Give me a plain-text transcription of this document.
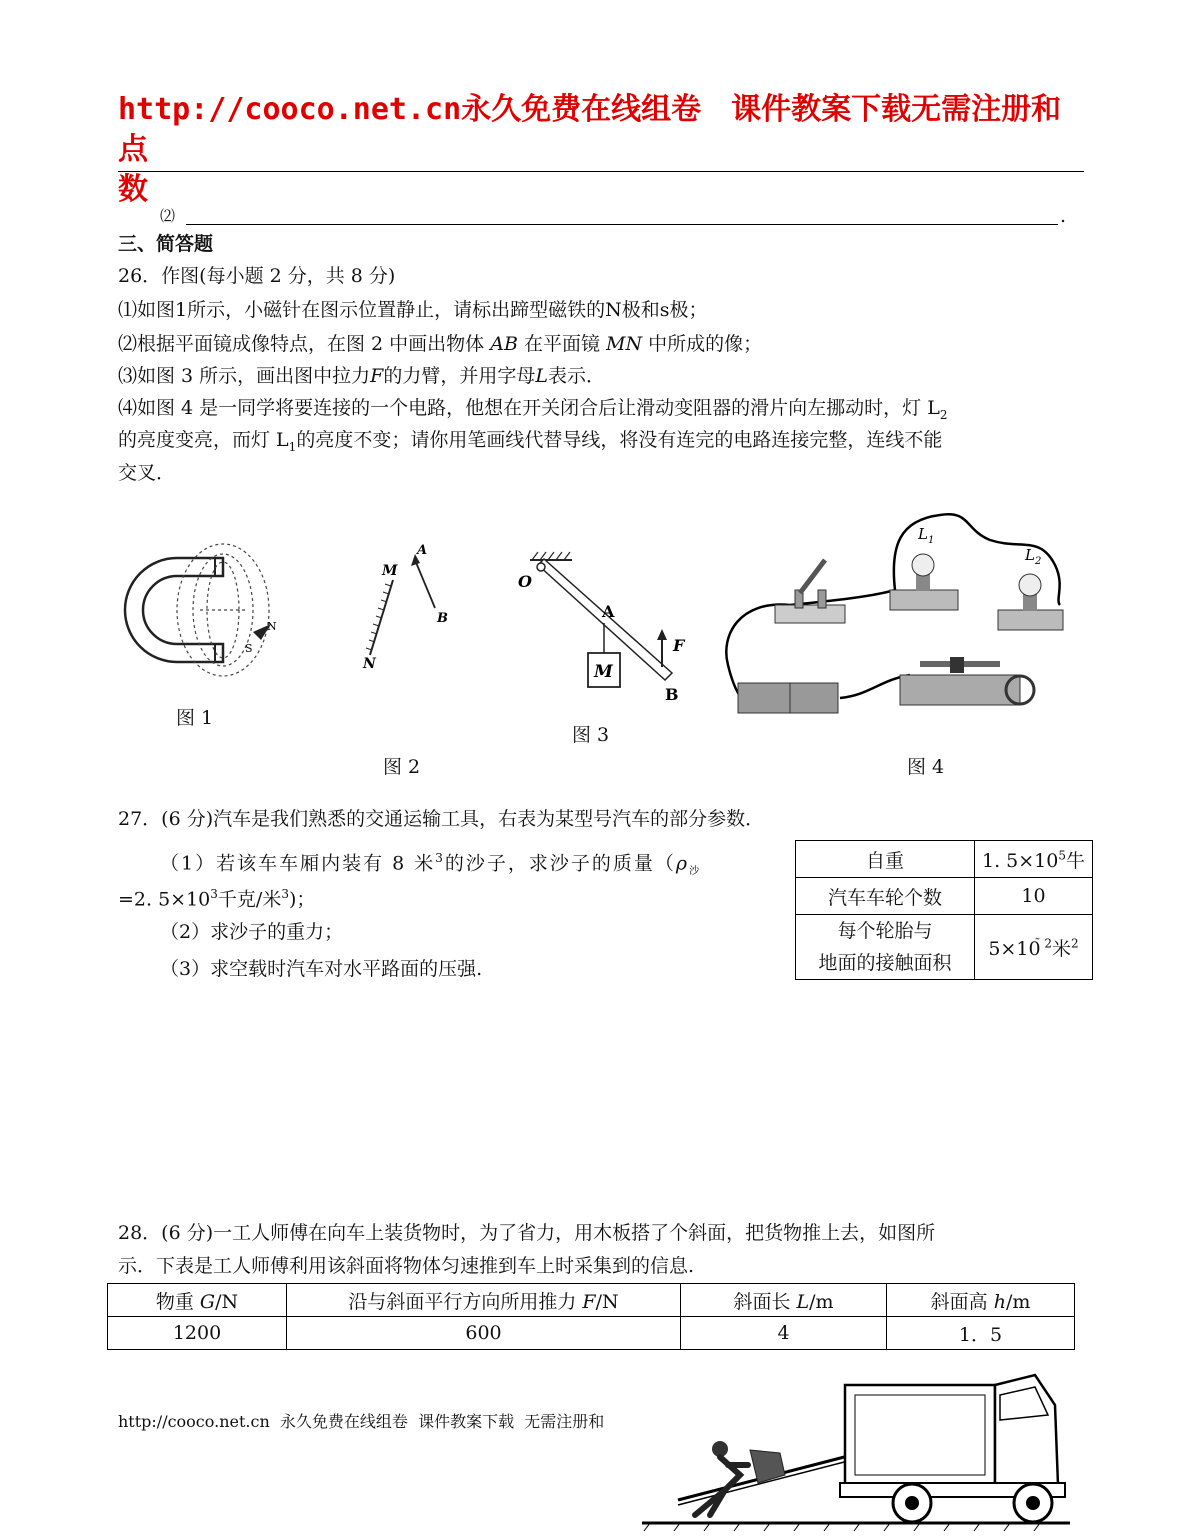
http://cooco.net.cn永久免费在线组卷　课件教案下载无需注册和点
数
⑵	.
三、简答题
26．作图(每小题 2 分，共 8 分)
⑴如图1所示，小磁针在图示位置静止，请标出蹄型磁铁的N极和s极；
⑵根据平面镜成像特点，在图 2 中画出物体 AB 在平面镜 MN 中所成的像；
⑶如图 3 所示，画出图中拉力F的力臂，并用字母L表示．
⑷如图 4 是一同学将要连接的一个电路，他想在开关闭合后让滑动变阻器的滑片向左挪动时，灯 $L_2$
的亮度变亮，而灯 $L_1$的亮度不变；请你用笔画线代替导线，将没有连完的电路连接完整，连线不能
交叉．
N
S
图 1
M
N
A
B
图 2
M
F
O
A
B
图 3
$L_1$
$L_2$
图 4
27．(6 分)汽车是我们熟悉的交通运输工具，右表为某型号汽车的部分参数．
（1）若该车车厢内装有 8 米$^3$的沙子，求沙子的质量（$\rho_沙$
=2. $5\times 10^3$千克/米$^3$)；
（2）求沙子的重力；
（3）求空载时汽车对水平路面的压强.
自重	1. $5\times 10^5$牛
汽车车轮个数	10
每个轮胎与
地面的接触面积	$5\times 10^{̃ 2}$米$^2$
28．(6 分)一工人师傅在向车上装货物时，为了省力，用木板搭了个斜面，把货物推上去，如图所
示．下表是工人师傅利用该斜面将物体匀速推到车上时采集到的信息.
物重 G/N	沿与斜面平行方向所用推力 F/N	斜面长 L/m	斜面高 h/m
1200	600	4	1．5
http://cooco.net.cn  永久免费在线组卷  课件教案下载  无需注册和
